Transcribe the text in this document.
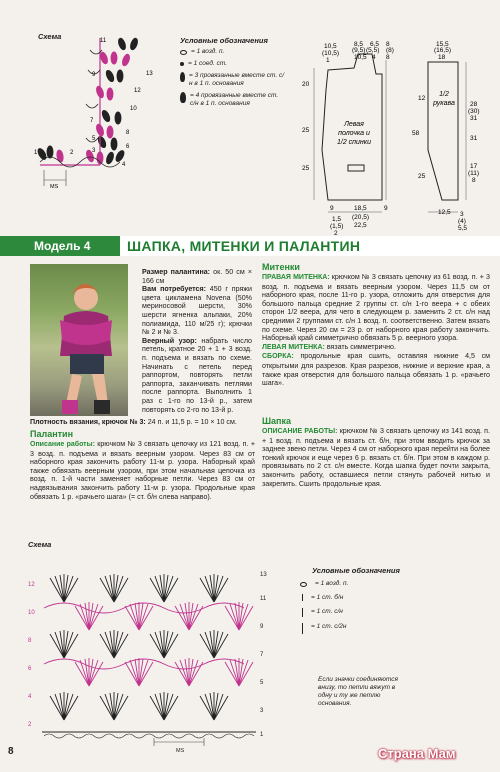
Схема	11
13
9
7
5
3
1
12
10
8
6
4
2
MS
Условные обозначения
= 1 возд. п.
= 1 соед. ст.
= 3 провязанные вместе ст. с/н в 1 п. основания
= 4 провязанные вместе ст. с/н в 1 п. основания
10,5
(10,5)
1
8,5
(9,5)
10,5
6,5
(5,5)
4
8
(8)
8
15,5
(16,5)
18
20
25
25
58
28
(30)
31
17
(11)
8
31
9
1,5
(1,5)
2
18,5
(20,5)
22,5
9
12,5 3
(4)
5,5
12
25
Левая
полочка и
1/2 спинки
1/2
рукава
Модель 4	ШАПКА, МИТЕНКИ И ПАЛАНТИН
Размер палантина: ок. 50 см × 166 см
Вам потребуется: 450 г пряжи цвета цикламена Novena (50% мериносовой шерсти, 30% шерсти ягненка альпаки, 20% полиамида, 110 м/25 г); крючки № 2 и № 3.
Веерный узор: набрать число петель, кратное 20 + 1 + 3 возд. п. подъема и вязать по схеме. Начинать с петель перед раппортом, повторять петли раппорта, заканчивать петлями после раппорта. Выполнить 1 раз с 1-го по 13-й р., затем повторять со 2-го по 13-й р.
Плотность вязания, крючок № 3: 24 п. и 11,5 р. = 10 × 10 см.
Палантин
Описание работы: крючком № 3 связать цепочку из 121 возд. п. + 3 возд. п. подъема и вязать веерным узором. Через 83 см от наборного края закончить работу 11-м р. узора. Наборный край также обвязать веерным узором, при этом начальная цепочка из возд. п. 1-й части заменяет наборные петли. Через 83 см от надвязывания закончить работу 11-м р. узора. Продольные края обвязать 1 р. «рачьего шага» (= ст. б/н слева направо).
Митенки
ПРАВАЯ МИТЕНКА: крючком № 3 связать цепочку из 61 возд. п. + 3 возд. п. подъема и вязать веерным узором. Через 11,5 см от наборного края, после 11-го р. узора, отложить для отверстия для большого пальца средние 2 группы ст. с/н 1-го веера + с обеих сторон 1/2 веера, для чего в следующем р. заменить 2 ст. с/н над средними 2 группами ст. с/н 1 возд. п. соответственно. Затем вязать по схеме. Через 20 см = 23 р. от наборного края работу закончить. Наборный край симметрично обвязать 5 р. веерного узора.
ЛЕВАЯ МИТЕНКА: вязать симметрично.
СБОРКА: продольные края сшить, оставляя нижние 4,5 см открытыми для разрезов. Края разрезов, нижние и верхние края, а также края отверстия для большого пальца обвязать 1 р. «рачьего шага».
Шапка
ОПИСАНИЕ РАБОТЫ: крючком № 3 связать цепочку из 141 возд. п. + 1 возд. п. подъема и вязать ст. б/н, при этом вводить крючок за заднее звено петли. Через 4 см от наборного края перейти на более тонкий крючок и еще через 6 р. вязать ст. б/н. При этом в каждом р. провязывать по 2 ст. с/н вместе. Когда шапка будет почти закрыта, закончить работу, оставшиеся петли стянуть рабочей нитью и закрепить. Сшить продольные края.
Схема
12
10
8
6
4
2
13
11
9
7
5
3
1
MS
Условные обозначения
= 1 возд. п.
= 1 ст. б/н
= 1 ст. с/н
= 1 ст. с/2н
Если значки соединяются внизу, то петли вяжут в одну и ту же петлю основания.
8	Страна Мам
